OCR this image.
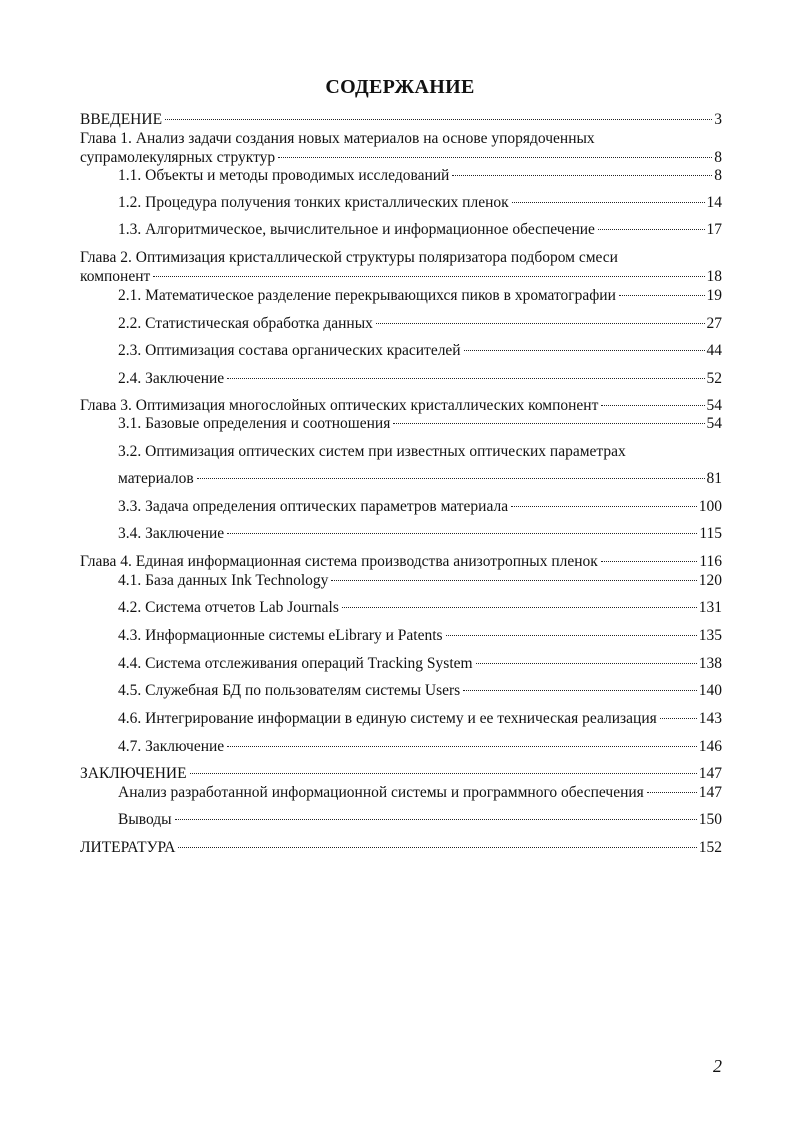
СОДЕРЖАНИЕ
ВВЕДЕНИЕ	3
Глава 1. Анализ задачи создания новых материалов на основе упорядоченных
супрамолекулярных структур	8
1.1. Объекты и методы проводимых исследований	8
1.2. Процедура получения тонких кристаллических пленок	14
1.3. Алгоритмическое, вычислительное и информационное обеспечение	17
Глава 2. Оптимизация кристаллической структуры поляризатора подбором смеси
компонент	18
2.1. Математическое разделение перекрывающихся пиков в хроматографии	19
2.2. Статистическая обработка данных	27
2.3. Оптимизация состава органических красителей	44
2.4. Заключение	52
Глава 3. Оптимизация многослойных оптических кристаллических компонент	54
3.1. Базовые определения и соотношения	54
3.2. Оптимизация оптических систем при известных оптических параметрах
материалов	81
3.3. Задача определения оптических параметров материала	100
3.4. Заключение	115
Глава 4. Единая информационная система производства анизотропных пленок	116
4.1. База данных Ink Technology	120
4.2. Система отчетов Lab Journals	131
4.3. Информационные системы eLibrary и Patents	135
4.4. Система отслеживания операций Tracking System	138
4.5. Служебная БД по пользователям системы Users	140
4.6. Интегрирование информации в единую систему и ее техническая реализация	143
4.7. Заключение	146
ЗАКЛЮЧЕНИЕ	147
Анализ разработанной информационной системы и программного обеспечения	147
Выводы	150
ЛИТЕРАТУРА	152
2
